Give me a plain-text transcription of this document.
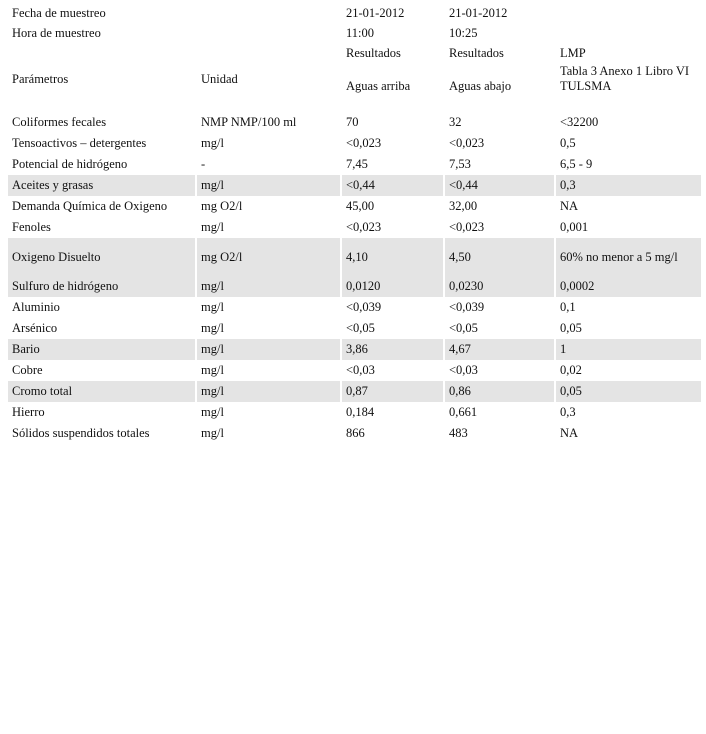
Fecha de muestreo		21-01-2012	21-01-2012	
Hora de muestreo		11:00	10:25	
Parámetros	Unidad	Resultados	Resultados	LMP
		Aguas arriba	Aguas abajo	Tabla 3 Anexo 1 Libro VI TULSMA
Coliformes fecales	NMP NMP/100 ml	70	32	<32200
Tensoactivos – detergentes	mg/l	<0,023	<0,023	0,5
Potencial de hidrógeno	-	7,45	7,53	6,5 - 9
Aceites y grasas	mg/l	<0,44	<0,44	0,3
Demanda Química de Oxigeno	mg O2/l	45,00	32,00	NA
Fenoles	mg/l	<0,023	<0,023	0,001
Oxigeno Disuelto	mg O2/l	4,10	4,50	60% no menor a 5 mg/l
Sulfuro de hidrógeno	mg/l	0,0120	0,0230	0,0002
Aluminio	mg/l	<0,039	<0,039	0,1
Arsénico	mg/l	<0,05	<0,05	0,05
Bario	mg/l	3,86	4,67	1
Cobre	mg/l	<0,03	<0,03	0,02
Cromo total	mg/l	0,87	0,86	0,05
Hierro	mg/l	0,184	0,661	0,3
Sólidos suspendidos totales	mg/l	866	483	NA
